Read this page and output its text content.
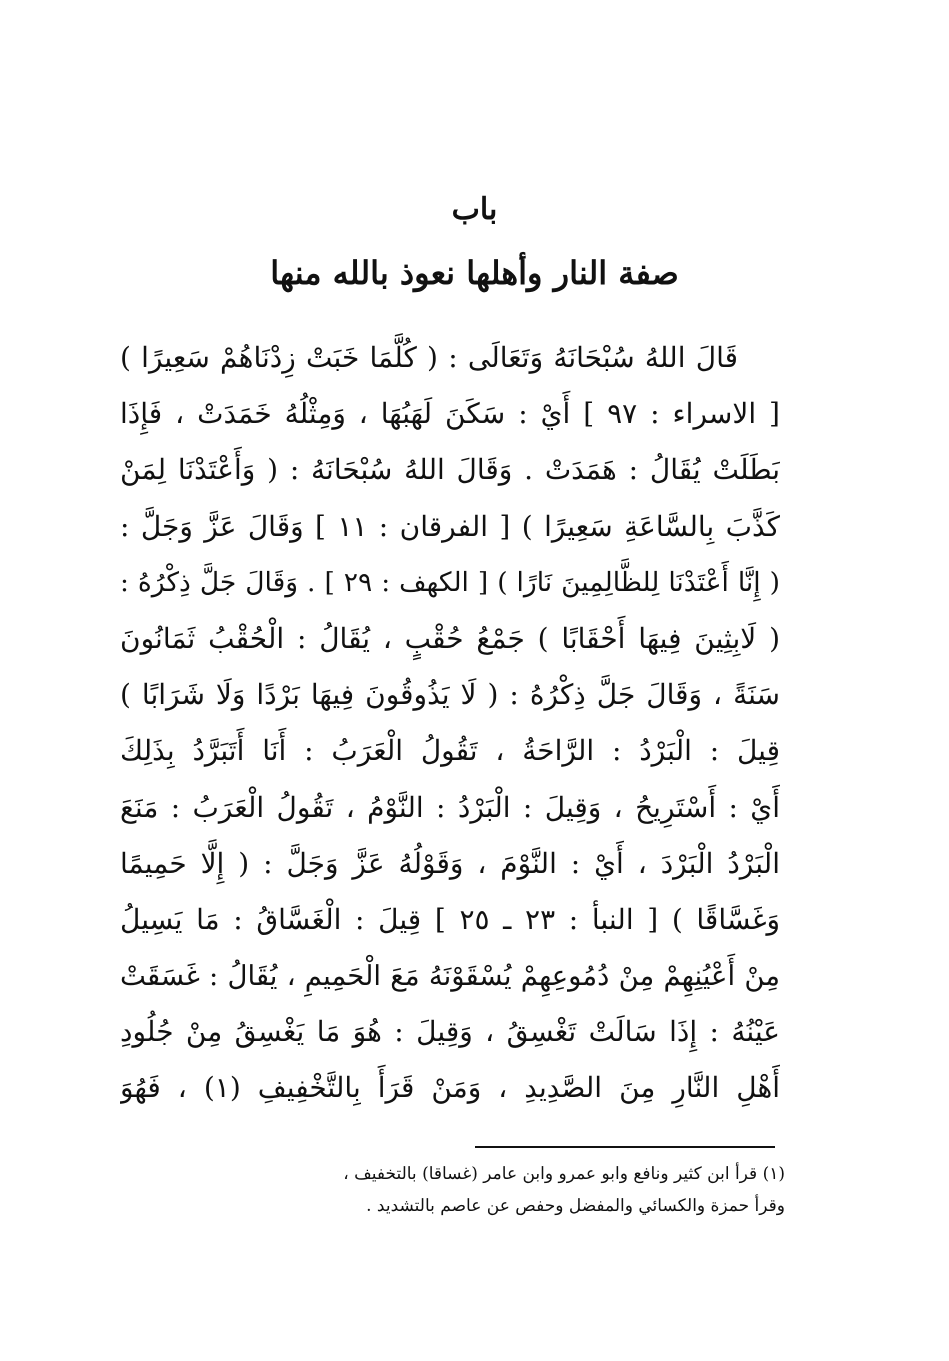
باب
صفة النار وأهلها نعوذ بالله منها
قَالَ اللهُ سُبْحَانَهُ وَتَعَالَى : ( كُلَّمَا خَبَتْ زِدْنَاهُمْ سَعِيرًا )
[ الاسراء : ٩٧ ] أَيْ : سَكَنَ لَهَبُهَا ، وَمِثْلُهُ خَمَدَتْ ، فَإِذَا
بَطَلَتْ يُقَالُ : هَمَدَتْ . وَقَالَ اللهُ سُبْحَانَهُ : ( وَأَعْتَدْنَا لِمَنْ
كَذَّبَ بِالسَّاعَةِ سَعِيرًا ) [ الفرقان : ١١ ] وَقَالَ عَزَّ وَجَلَّ :
( إِنَّا أَعْتَدْنَا لِلظَّالِمِينَ نَارًا ) [ الكهف : ٢٩ ] . وَقَالَ جَلَّ ذِكْرُهُ :
( لَابِثِينَ فِيهَا أَحْقَابًا ) جَمْعُ حُقْبٍ ، يُقَالُ : الْحُقْبُ ثَمَانُونَ
سَنَةً ، وَقَالَ جَلَّ ذِكْرُهُ : ( لَا يَذُوقُونَ فِيهَا بَرْدًا وَلَا شَرَابًا )
قِيلَ : الْبَرْدُ : الرَّاحَةُ ، تَقُولُ الْعَرَبُ : أَنَا أَتَبَرَّدُ بِذَلِكَ
أَيْ : أَسْتَرِيحُ ، وَقِيلَ : الْبَرْدُ : النَّوْمُ ، تَقُولُ الْعَرَبُ : مَنَعَ
الْبَرْدُ الْبَرْدَ ، أَيْ : النَّوْمَ ، وَقَوْلُهُ عَزَّ وَجَلَّ : ( إِلَّا حَمِيمًا
وَغَسَّاقًا ) [ النبأ : ٢٣ ـ ٢٥ ] قِيلَ : الْغَسَّاقُ : مَا يَسِيلُ
مِنْ أَعْيُنِهِمْ مِنْ دُمُوعِهِمْ يُسْقَوْنَهُ مَعَ الْحَمِيمِ ، يُقَالُ : غَسَقَتْ
عَيْنُهُ : إِذَا سَالَتْ تَغْسِقُ ، وَقِيلَ : هُوَ مَا يَغْسِقُ مِنْ جُلُودِ
أَهْلِ النَّارِ مِنَ الصَّدِيدِ ، وَمَنْ قَرَأَ بِالتَّخْفِيفِ (١) ، فَهُوَ
(١) قرأ ابن كثير ونافع وابو عمرو وابن عامر (غساقا) بالتخفيف ،
وقرأ حمزة والكسائي والمفضل وحفص عن عاصم بالتشديد .
